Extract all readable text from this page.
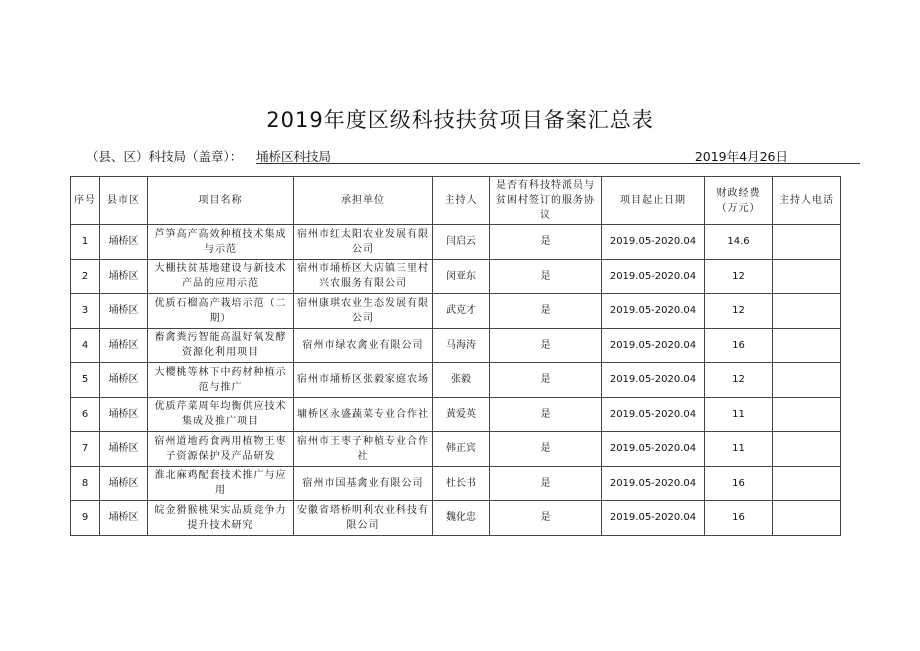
2019年度区级科技扶贫项目备案汇总表
（县、区）科技局（盖章）： 埇桥区科技局	2019年4月26日
序号	县市区	项目名称	承担单位	主持人	是否有科技特派员与贫困村签订的服务协议	项目起止日期	财政经费（万元）	主持人电话
1	埇桥区	芦笋高产高效种植技术集成与示范	宿州市红太阳农业发展有限公司	闫启云	是	2019.05-2020.04	14.6	
2	埇桥区	大棚扶贫基地建设与新技术产品的应用示范	宿州市埇桥区大店镇三里村兴农服务有限公司	闵亚东	是	2019.05-2020.04	12	
3	埇桥区	优质石榴高产栽培示范（二期）	宿州康琪农业生态发展有限公司	武克才	是	2019.05-2020.04	12	
4	埇桥区	畜禽粪污智能高温好氧发酵资源化利用项目	宿州市绿农禽业有限公司	马海涛	是	2019.05-2020.04	16	
5	埇桥区	大樱桃等林下中药材种植示范与推广	宿州市埇桥区张毅家庭农场	张毅	是	2019.05-2020.04	12	
6	埇桥区	优质芹菜周年均衡供应技术集成及推广项目	墉桥区永盛蔬菜专业合作社	黄爱英	是	2019.05-2020.04	11	
7	埇桥区	宿州道地药食两用植物王枣子资源保护及产品研发	宿州市王枣子种植专业合作社	韩正宾	是	2019.05-2020.04	11	
8	埇桥区	淮北麻鸡配套技术推广与应用	宿州市国基禽业有限公司	杜长书	是	2019.05-2020.04	16	
9	埇桥区	皖金猾猴桃果实品质竞争力提升技术研究	安徽省塔桥明利农业科技有限公司	魏化忠	是	2019.05-2020.04	16	
